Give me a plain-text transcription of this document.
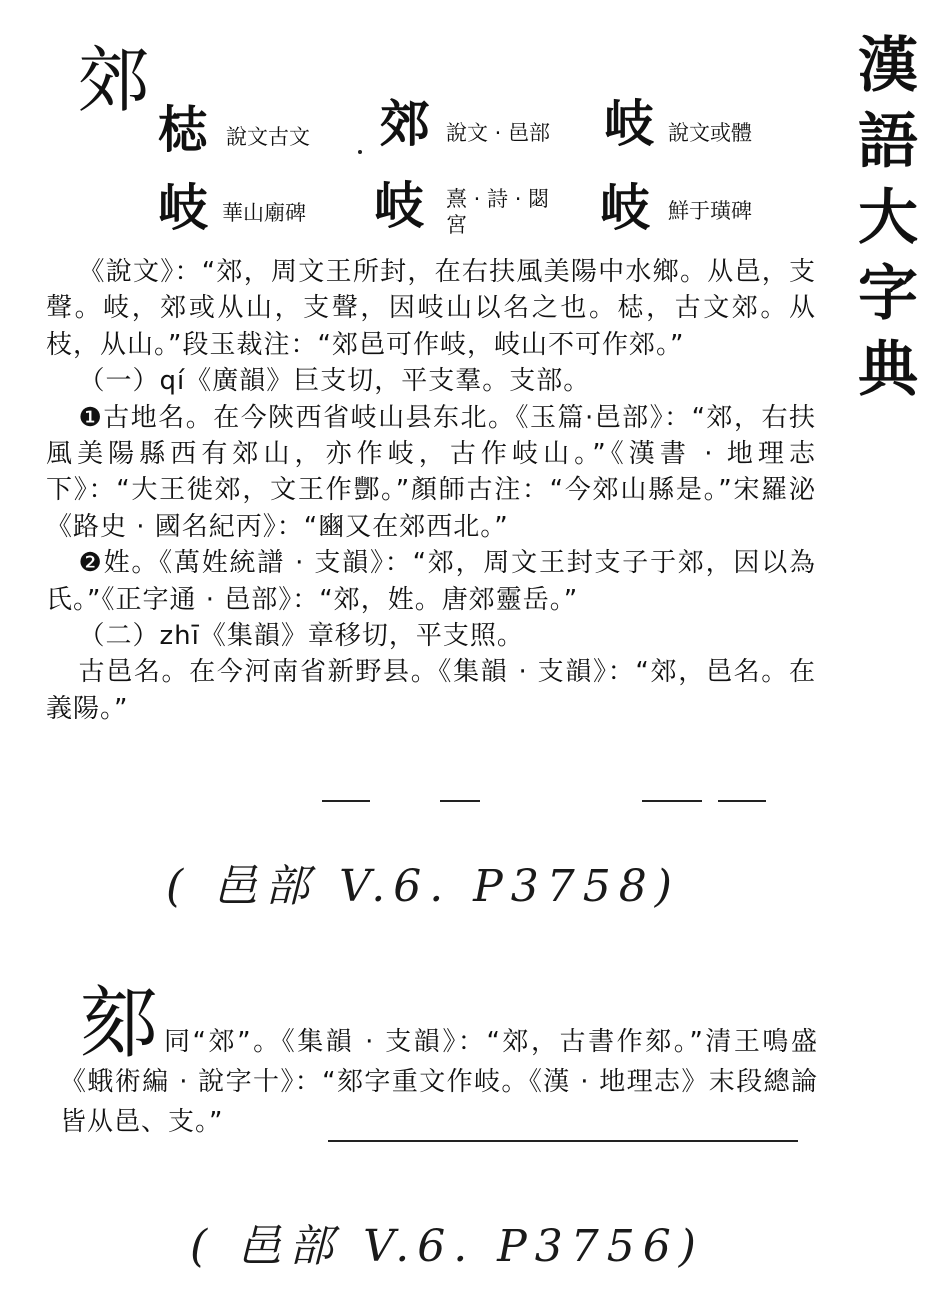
漢
語
大
字
典
郊
梽 說文古文 郊 說文 · 邑部 岐 說文或體
岐 華山廟碑 岐 熹 · 詩 · 閟
宮	岐 鮮于璜碑

《說文》：“郊，周文王所封，在右扶風美陽中水鄉。从邑，支聲。岐，郊或从山，支聲，因岐山以名之也。梽，古文郊。从枝，从山。”段玉裁注：“郊邑可作岐，岐山不可作郊。”

（一）qí《廣韻》巨支切，平支羣。支部。

❶古地名。在今陝西省岐山县东北。《玉篇·邑部》：“郊，右扶風美陽縣西有郊山，亦作岐，古作岐山。”《漢書 · 地理志下》：“大王徙郊，文王作酆。”顏師古注：“今郊山縣是。”宋羅泌《路史 · 國名紀丙》：“豳又在郊西北。”

❷姓。《萬姓統譜 · 支韻》：“郊，周文王封支子于郊，因以為氏。”《正字通 · 邑部》：“郊，姓。唐郊靈岳。”

（二）zhī《集韻》章移切，平支照。

古邑名。在今河南省新野县。《集韻 · 支韻》：“郊，邑名。在義陽。”

( 邑部 V.6. P3758)
郂 同“郊”。《集韻 · 支韻》：“郊，古書作郂。”清王鳴盛《蛾術編 · 說字十》：“郂字重文作岐。《漢 · 地理志》末段總論皆从邑、支。”
( 邑部 V.6. P3756)
